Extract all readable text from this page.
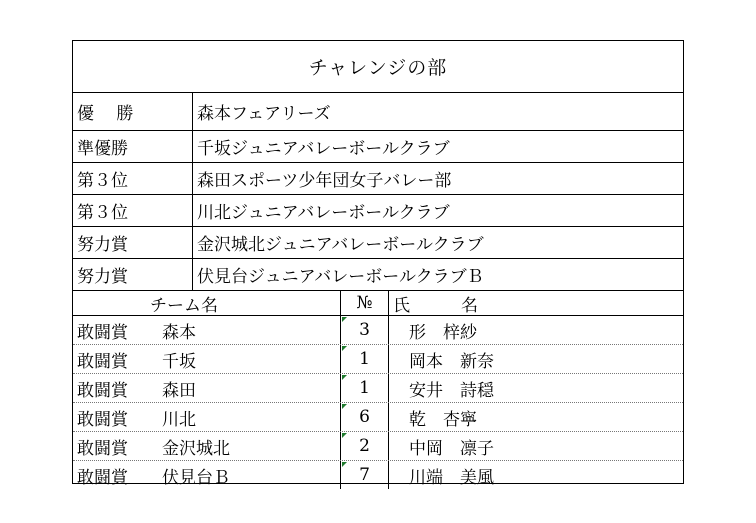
チャレンジの部
優　 勝	森本フェアリーズ
準優勝	千坂ジュニアバレーボールクラブ
第３位	森田スポーツ少年団女子バレー部
第３位	川北ジュニアバレーボールクラブ
努力賞	金沢城北ジュニアバレーボールクラブ
努力賞	伏見台ジュニアバレーボールクラブＢ
チーム名	№	氏　　　名
敢闘賞	森本	3	形　梓紗
敢闘賞	千坂	1	岡本　新奈
敢闘賞	森田	1	安井　詩穏
敢闘賞	川北	6	乾　杏寧
敢闘賞	金沢城北	2	中岡　凛子
敢闘賞	伏見台Ｂ	7	川端　美風
